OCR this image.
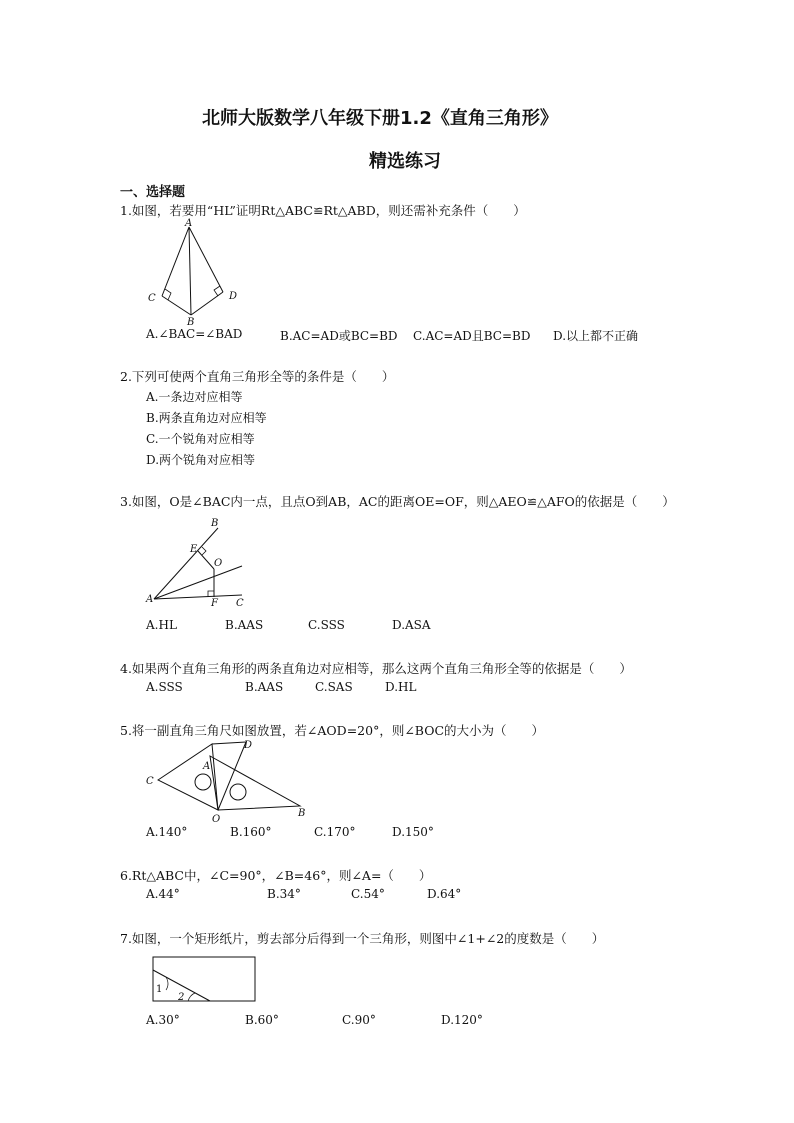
北师大版数学八年级下册1.2《直角三角形》
精选练习
一、选择题
1.如图，若要用“HL”证明Rt△ABC≌Rt△ABD，则还需补充条件（　　）
A
C	D
B
A.∠BAC=∠BAD	B.AC=AD或BC=BD C.AC=AD且BC=BD D.以上都不正确
2.下列可使两个直角三角形全等的条件是（　　）
A.一条边对应相等
B.两条直角边对应相等
C.一个锐角对应相等
D.两个锐角对应相等
3.如图，O是∠BAC内一点，且点O到AB，AC的距离OE=OF，则△AEO≌△AFO的依据是（　　）
B
E
O
A	F C
A.HL	B.AAS	C.SSS	D.ASA
4.如果两个直角三角形的两条直角边对应相等，那么这两个直角三角形全等的依据是（　　）
A.SSS	B.AAS	C.SAS	D.HL
5.将一副直角三角尺如图放置，若∠AOD=20°，则∠BOC的大小为（　　）
D
A
C
B
O
A.140°	B.160°	C.170°	D.150°
6.Rt△ABC中，∠C=90°，∠B=46°，则∠A=（　　）
A.44°	B.34°	C.54°	D.64°
7.如图，一个矩形纸片，剪去部分后得到一个三角形，则图中∠1+∠2的度数是（　　）
1
2
A.30°	B.60°	C.90°	D.120°
